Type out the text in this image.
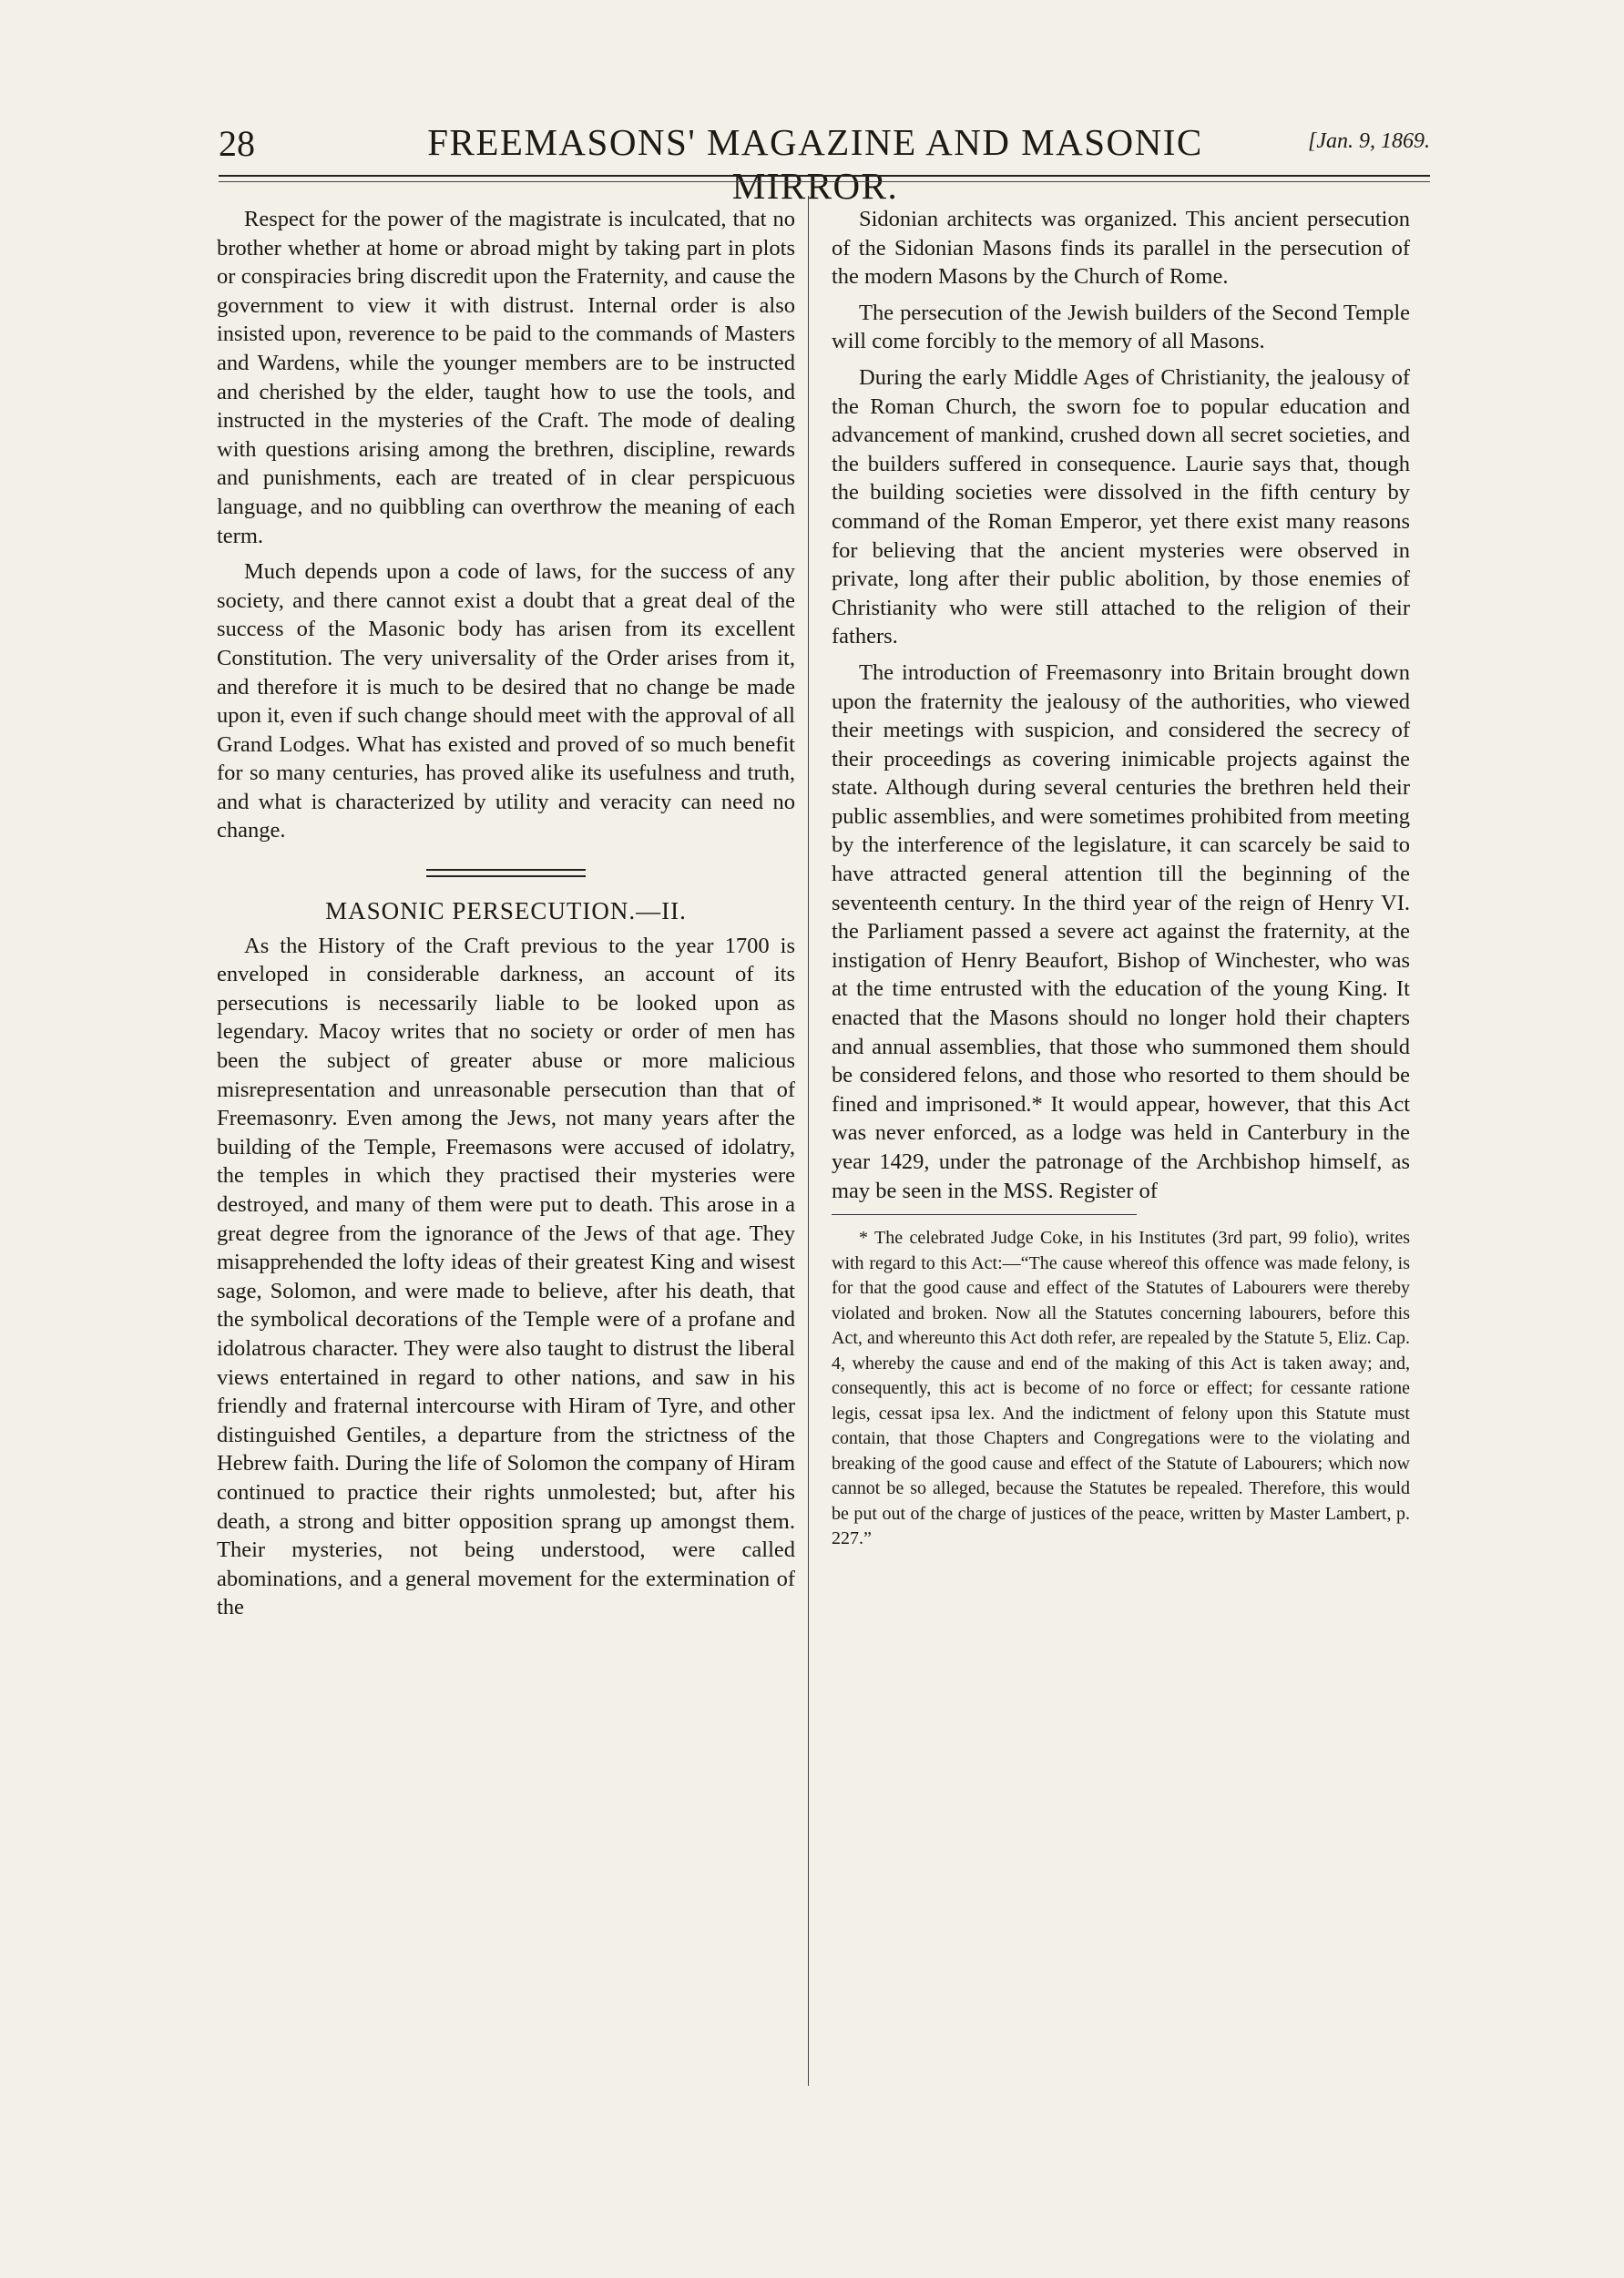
28	FREEMASONS' MAGAZINE AND MASONIC MIRROR.
[Jan. 9, 1869.

Respect for the power of the magistrate is inculcated, that no brother whether at home or abroad might by taking part in plots or conspiracies bring discredit upon the Fraternity, and cause the government to view it with distrust. Internal order is also insisted upon, reverence to be paid to the commands of Masters and Wardens, while the younger members are to be instructed and cherished by the elder, taught how to use the tools, and instructed in the mysteries of the Craft. The mode of dealing with questions arising among the brethren, discipline, rewards and punishments, each are treated of in clear perspicuous language, and no quibbling can overthrow the meaning of each term.

Much depends upon a code of laws, for the success of any society, and there cannot exist a doubt that a great deal of the success of the Masonic body has arisen from its excellent Constitution. The very universality of the Order arises from it, and therefore it is much to be desired that no change be made upon it, even if such change should meet with the approval of all Grand Lodges. What has existed and proved of so much benefit for so many centuries, has proved alike its usefulness and truth, and what is characterized by utility and veracity can need no change.

MASONIC PERSECUTION.—II.

As the History of the Craft previous to the year 1700 is enveloped in considerable darkness, an account of its persecutions is necessarily liable to be looked upon as legendary. Macoy writes that no society or order of men has been the subject of greater abuse or more malicious misrepresentation and unreasonable persecution than that of Freemasonry. Even among the Jews, not many years after the building of the Temple, Freemasons were accused of idolatry, the temples in which they practised their mysteries were destroyed, and many of them were put to death. This arose in a great degree from the ignorance of the Jews of that age. They misapprehended the lofty ideas of their greatest King and wisest sage, Solomon, and were made to believe, after his death, that the symbolical decorations of the Temple were of a profane and idolatrous character. They were also taught to distrust the liberal views entertained in regard to other nations, and saw in his friendly and fraternal intercourse with Hiram of Tyre, and other distinguished Gentiles, a departure from the strictness of the Hebrew faith. During the life of Solomon the company of Hiram continued to practice their rights unmolested; but, after his death, a strong and bitter opposition sprang up amongst them. Their mysteries, not being understood, were called abominations, and a general movement for the extermination of the

Sidonian architects was organized. This ancient persecution of the Sidonian Masons finds its parallel in the persecution of the modern Masons by the Church of Rome.

The persecution of the Jewish builders of the Second Temple will come forcibly to the memory of all Masons.

During the early Middle Ages of Christianity, the jealousy of the Roman Church, the sworn foe to popular education and advancement of mankind, crushed down all secret societies, and the builders suffered in consequence. Laurie says that, though the building societies were dissolved in the fifth century by command of the Roman Emperor, yet there exist many reasons for believing that the ancient mysteries were observed in private, long after their public abolition, by those enemies of Christianity who were still attached to the religion of their fathers.

The introduction of Freemasonry into Britain brought down upon the fraternity the jealousy of the authorities, who viewed their meetings with suspicion, and considered the secrecy of their proceedings as covering inimicable projects against the state. Although during several centuries the brethren held their public assemblies, and were sometimes prohibited from meeting by the interference of the legislature, it can scarcely be said to have attracted general attention till the beginning of the seventeenth century. In the third year of the reign of Henry VI. the Parliament passed a severe act against the fraternity, at the instigation of Henry Beaufort, Bishop of Winchester, who was at the time entrusted with the education of the young King. It enacted that the Masons should no longer hold their chapters and annual assemblies, that those who summoned them should be considered felons, and those who resorted to them should be fined and imprisoned.* It would appear, however, that this Act was never enforced, as a lodge was held in Canterbury in the year 1429, under the patronage of the Archbishop himself, as may be seen in the MSS. Register of

* The celebrated Judge Coke, in his Institutes (3rd part, 99 folio), writes with regard to this Act:—“The cause whereof this offence was made felony, is for that the good cause and effect of the Statutes of Labourers were thereby violated and broken. Now all the Statutes concerning labourers, before this Act, and whereunto this Act doth refer, are repealed by the Statute 5, Eliz. Cap. 4, whereby the cause and end of the making of this Act is taken away; and, consequently, this act is become of no force or effect; for cessante ratione legis, cessat ipsa lex. And the indictment of felony upon this Statute must contain, that those Chapters and Congregations were to the violating and breaking of the good cause and effect of the Statute of Labourers; which now cannot be so alleged, because the Statutes be repealed. Therefore, this would be put out of the charge of justices of the peace, written by Master Lambert, p. 227.”
